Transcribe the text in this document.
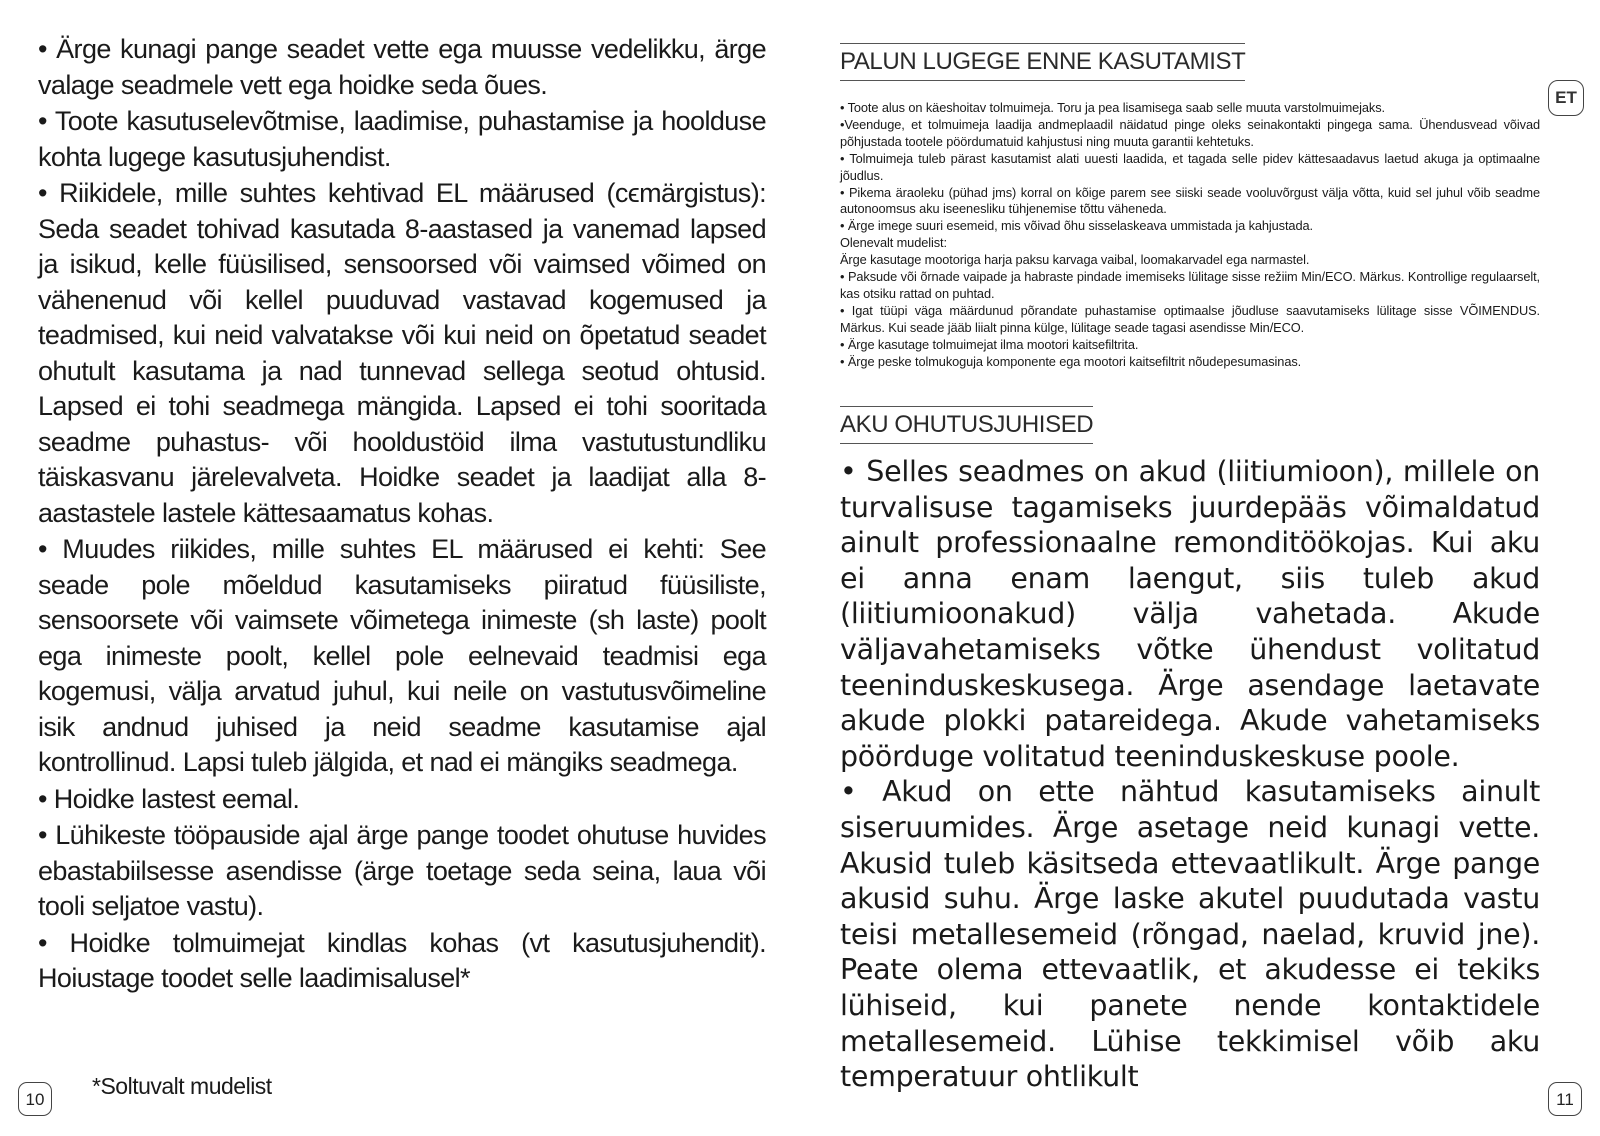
• Ärge kunagi pange seadet vette ega muusse vedelikku, ärge valage seadmele vett ega hoidke seda õues.

• Toote kasutuselevõtmise, laadimise, puhastamise ja hoolduse kohta lugege kasutusjuhendist.

• Riikidele, mille suhtes kehtivad EL määrused (cϵmärgistus): Seda seadet tohivad kasutada 8-aastased ja vanemad lapsed ja isikud, kelle füüsilised, sensoorsed või vaimsed võimed on vähenenud või kellel puuduvad vastavad kogemused ja teadmised, kui neid valvatakse või kui neid on õpetatud seadet ohutult kasutama ja nad tunnevad sellega seotud ohtusid. Lapsed ei tohi seadmega mängida. Lapsed ei tohi sooritada seadme puhastus- või hooldustöid ilma vastutustundliku täiskasvanu järelevalveta. Hoidke seadet ja laadijat alla 8-aastastele lastele kättesaamatus kohas.

• Muudes riikides, mille suhtes EL määrused ei kehti: See seade pole mõeldud kasutamiseks piiratud füüsiliste, sensoorsete või vaimsete võimetega inimeste (sh laste) poolt ega inimeste poolt, kellel pole eelnevaid teadmisi ega kogemusi, välja arvatud juhul, kui neile on vastutusvõimeline isik andnud juhised ja neid seadme kasutamise ajal kontrollinud. Lapsi tuleb jälgida, et nad ei mängiks seadmega.

• Hoidke lastest eemal.

• Lühikeste tööpauside ajal ärge pange toodet ohutuse huvides ebastabiilsesse asendisse (ärge toetage seda seina, laua või tooli seljatoe vastu).

• Hoidke tolmuimejat kindlas kohas (vt kasutusjuhendit). Hoiustage toodet selle laadimisalusel*

10
*Soltuvalt mudelist
PALUN LUGEGE ENNE KASUTAMIST
ET

• Toote alus on käeshoitav tolmuimeja. Toru ja pea lisamisega saab selle muuta varstolmuimejaks.

•Veenduge, et tolmuimeja laadija andmeplaadil näidatud pinge oleks seinakontakti pingega sama. Ühendusvead võivad põhjustada tootele pöördumatuid kahjustusi ning muuta garantii kehtetuks.

• Tolmuimeja tuleb pärast kasutamist alati uuesti laadida, et tagada selle pidev kättesaadavus laetud akuga ja optimaalne jõudlus.

• Pikema äraoleku (pühad jms) korral on kõige parem see siiski seade vooluvõrgust välja võtta, kuid sel juhul võib seadme autonoomsus aku iseenesliku tühjenemise tõttu väheneda.

• Ärge imege suuri esemeid, mis võivad õhu sisselaskeava ummistada ja kahjustada.

Olenevalt mudelist:

Ärge kasutage mootoriga harja paksu karvaga vaibal, loomakarvadel ega narmastel.

• Paksude või õrnade vaipade ja habraste pindade imemiseks lülitage sisse režiim Min/ECO. Märkus. Kontrollige regulaarselt, kas otsiku rattad on puhtad.

• Igat tüüpi väga määrdunud põrandate puhastamise optimaalse jõudluse saavutamiseks lülitage sisse VÕIMENDUS. Märkus. Kui seade jääb liialt pinna külge, lülitage seade tagasi asendisse Min/ECO.

• Ärge kasutage tolmuimejat ilma mootori kaitsefiltrita.

• Ärge peske tolmukoguja komponente ega mootori kaitsefiltrit nõudepesumasinas.

AKU OHUTUSJUHISED

• Selles seadmes on akud (liitiumioon), millele on turvalisuse tagamiseks juurdepääs võimaldatud ainult professionaalne remonditöökojas. Kui aku ei anna enam laengut, siis tuleb akud (liitiumioonakud) välja vahetada. Akude väljavahetamiseks võtke ühendust volitatud teeninduskeskusega. Ärge asendage laetavate akude plokki patareidega. Akude vahetamiseks pöörduge volitatud teeninduskeskuse poole.

• Akud on ette nähtud kasutamiseks ainult siseruumides. Ärge asetage neid kunagi vette. Akusid tuleb käsitseda ettevaatlikult. Ärge pange akusid suhu. Ärge laske akutel puudutada vastu teisi metallesemeid (rõngad, naelad, kruvid jne). Peate olema ettevaatlik, et akudesse ei tekiks lühiseid, kui panete nende kontaktidele metallesemeid. Lühise tekkimisel võib aku temperatuur ohtlikult

11
